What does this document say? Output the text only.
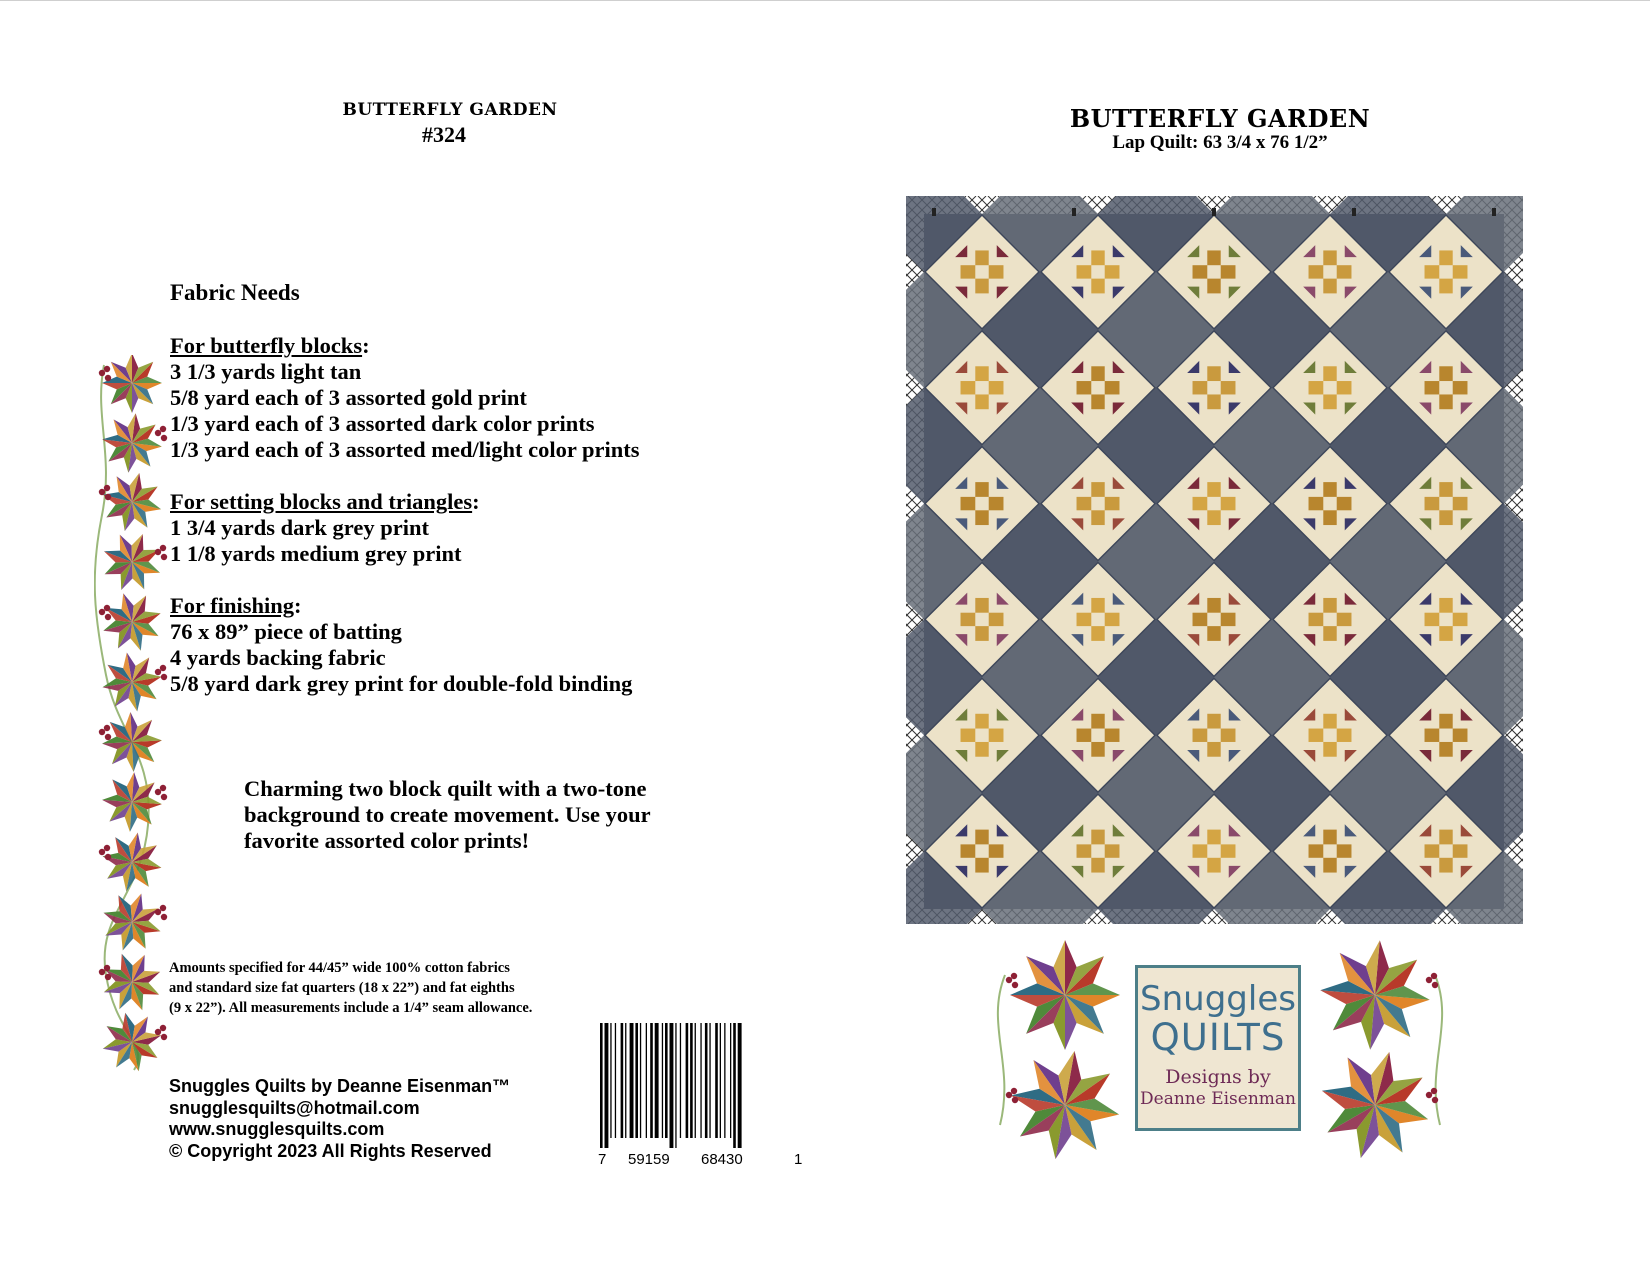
BUTTERFLY GARDEN
#324
Fabric Needs
For butterfly blocks:
3 1/3 yards light tan
5/8 yard each of 3 assorted gold print
1/3 yard each of 3 assorted dark color prints
1/3 yard each of 3 assorted med/light color prints
For setting blocks and triangles:
1 3/4 yards dark grey print
1 1/8 yards medium grey print
For finishing:
76 x 89” piece of batting
4 yards backing fabric
5/8 yard dark grey print for double-fold binding
Charming two block quilt with a two-tone background to create movement. Use your favorite assorted color prints!
Amounts specified for 44/45” wide 100% cotton fabrics
and standard size fat quarters (18 x 22”) and fat eighths
(9 x 22”). All measurements include a 1/4” seam allowance.
Snuggles Quilts by Deanne Eisenman™
snugglesquilts@hotmail.com
www.snugglesquilts.com
© Copyright 2023 All Rights Reserved	7 59159 68430	1
BUTTERFLY GARDEN
Lap Quilt: 63 3/4 x 76 1/2”
Snuggles
QUILTS
Designs by
Deanne Eisenman
